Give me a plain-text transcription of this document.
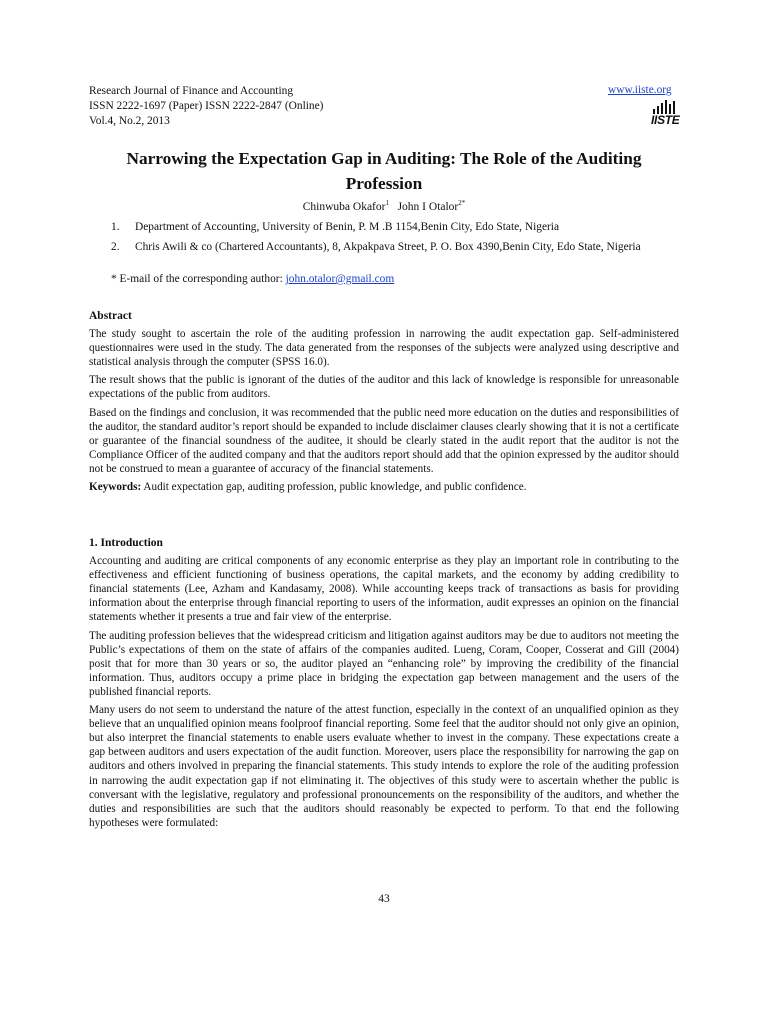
Research Journal of Finance and Accounting
ISSN 2222-1697 (Paper) ISSN 2222-2847 (Online)
Vol.4, No.2, 2013
www.iiste.org
IISTE
Narrowing the Expectation Gap in Auditing: The Role of the Auditing Profession
Chinwuba Okafor$^1$ John I Otalor$^{2*}$
1. Department of Accounting, University of Benin, P. M .B 1154,Benin City, Edo State, Nigeria
2. Chris Awili & co (Chartered Accountants), 8, Akpakpava Street, P. O. Box 4390,Benin City, Edo State, Nigeria
* E-mail of the corresponding author: john.otalor@gmail.com

Abstract

The study sought to ascertain the role of the auditing profession in narrowing the audit expectation gap. Self-administered questionnaires were used in the study. The data generated from the responses of the subjects were analyzed using descriptive and statistical analysis through the computer (SPSS 16.0).

The result shows that the public is ignorant of the duties of the auditor and this lack of knowledge is responsible for unreasonable expectations of the public from auditors.

Based on the findings and conclusion, it was recommended that the public need more education on the duties and responsibilities of the auditor, the standard auditor’s report should be expanded to include disclaimer clauses clearly showing that it is not a certificate or guarantee of the financial soundness of the auditee, it should be clearly stated in the audit report that the auditor is not the Compliance Officer of the audited company and that the auditors report should add that the opinion expressed by the auditor should not be construed to mean a guarantee of accuracy of the financial statements.

Keywords: Audit expectation gap, auditing profession, public knowledge, and public confidence.

1. Introduction

Accounting and auditing are critical components of any economic enterprise as they play an important role in contributing to the effectiveness and efficient functioning of business operations, the capital markets, and the economy by adding credibility to financial statements (Lee, Azham and Kandasamy, 2008). While accounting keeps track of transactions as basis for providing information about the enterprise through financial reporting to users of the information, audit expresses an opinion on the financial statements whether it presents a true and fair view of the enterprise.

The auditing profession believes that the widespread criticism and litigation against auditors may be due to auditors not meeting the Public’s expectations of them on the state of affairs of the companies audited. Lueng, Coram, Cooper, Cosserat and Gill (2004) posit that for more than 30 years or so, the auditor played an “enhancing role” by improving the credibility of the financial information. Thus, auditors occupy a prime place in bridging the expectation gap between management and the users of the published financial reports.

Many users do not seem to understand the nature of the attest function, especially in the context of an unqualified opinion as they believe that an unqualified opinion means foolproof financial reporting. Some feel that the auditor should not only give an opinion, but also interpret the financial statements to enable users evaluate whether to invest in the company. These expectations create a gap between auditors and users expectation of the audit function. Moreover, users place the responsibility for narrowing the gap on auditors and others involved in preparing the financial statements. This study intends to explore the role of the auditing profession in narrowing the audit expectation gap if not eliminating it. The objectives of this study were to ascertain whether the public is conversant with the legislative, regulatory and professional pronouncements on the responsibility of the auditors, and whether the duties and responsibilities are such that the auditors should reasonably be expected to perform. To that end the following hypotheses were formulated:

43
